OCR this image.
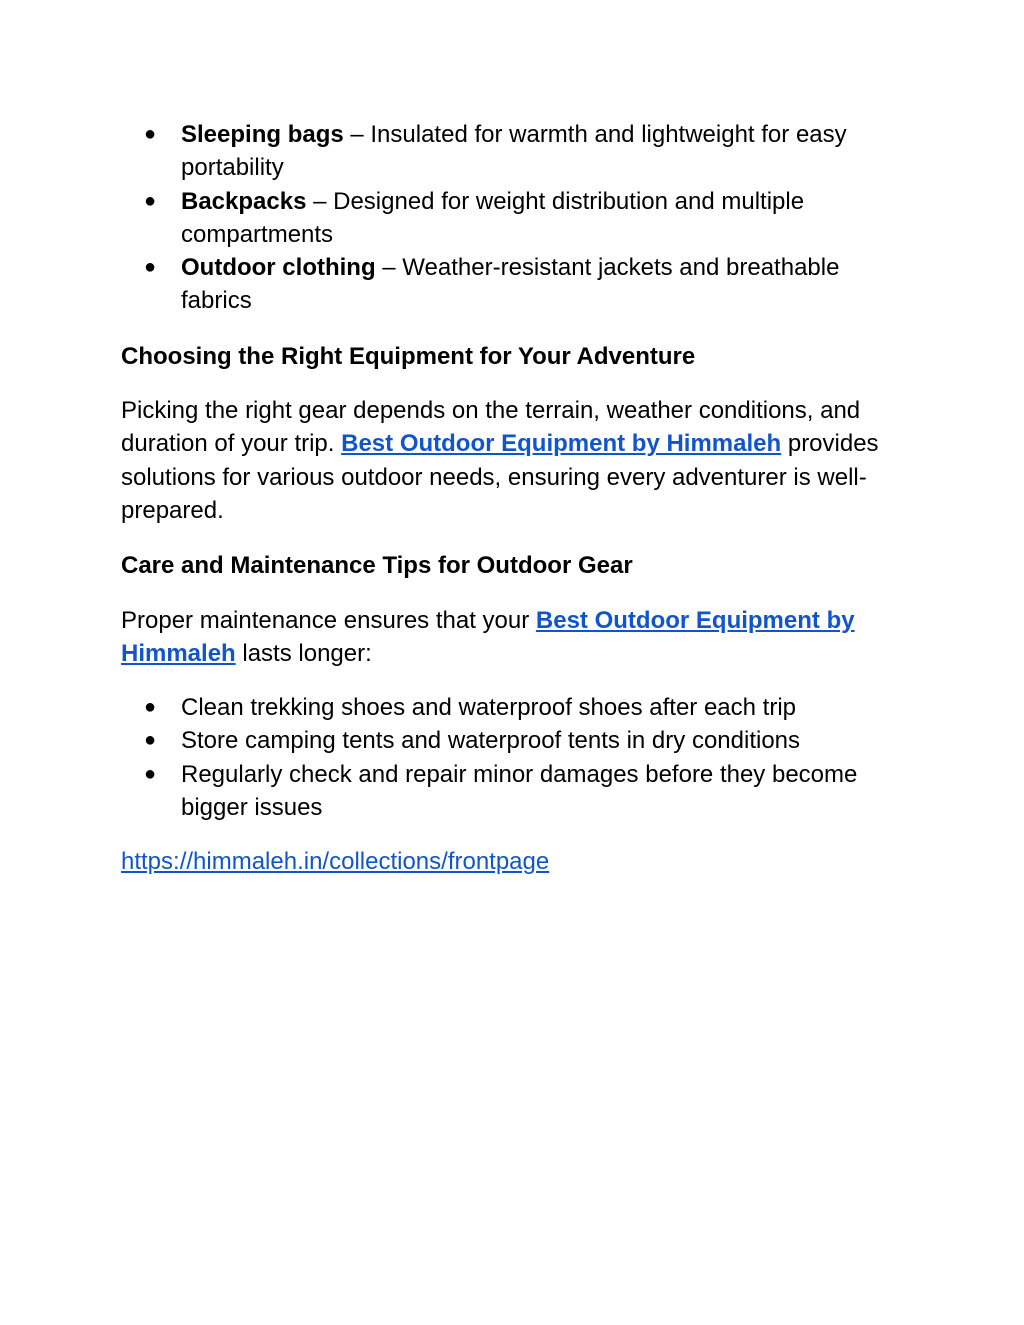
●	Sleeping bags – Insulated for warmth and lightweight for easy portability
●	Backpacks – Designed for weight distribution and multiple compartments
●	Outdoor clothing – Weather-resistant jackets and breathable fabrics
Choosing the Right Equipment for Your Adventure

Picking the right gear depends on the terrain, weather conditions, and duration of your trip. Best Outdoor Equipment by Himmaleh provides solutions for various outdoor needs, ensuring every adventurer is well-prepared.

Care and Maintenance Tips for Outdoor Gear

Proper maintenance ensures that your Best Outdoor Equipment by Himmaleh lasts longer:

●	Clean trekking shoes and waterproof shoes after each trip
●	Store camping tents and waterproof tents in dry conditions
●	Regularly check and repair minor damages before they become bigger issues

https://himmaleh.in/collections/frontpage
